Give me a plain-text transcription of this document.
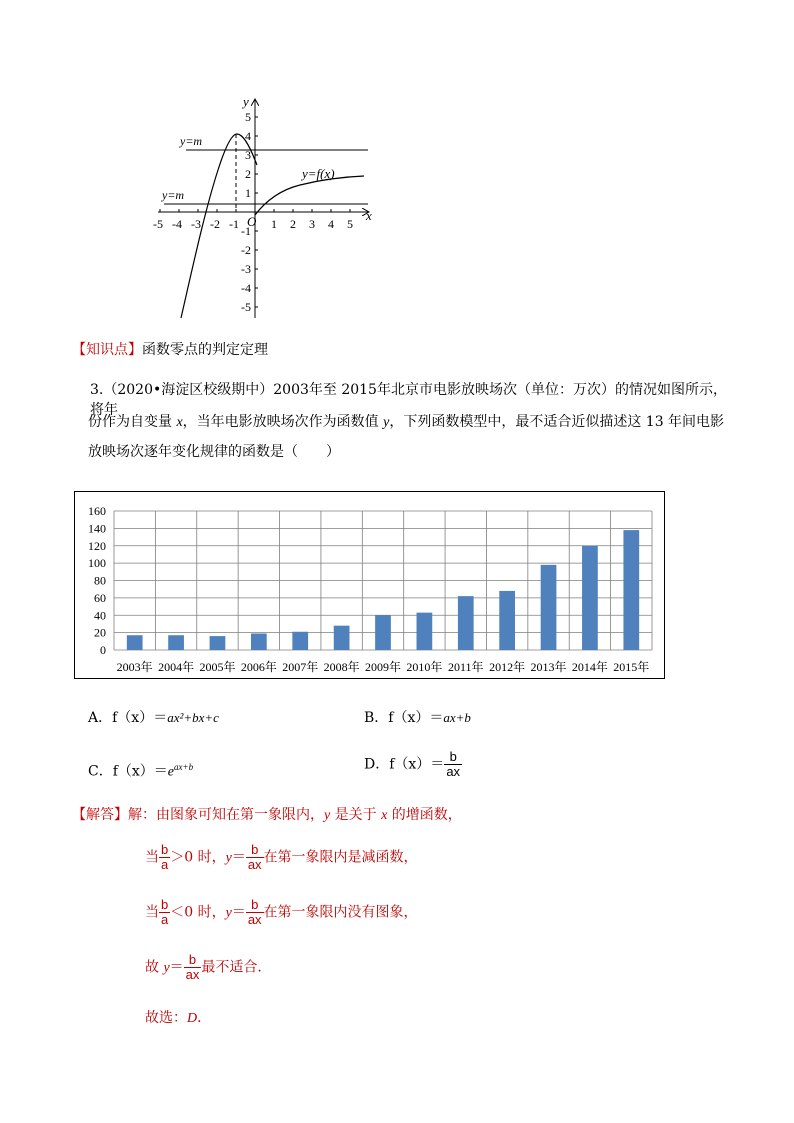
-5 -4 -3 -2 -1	1 2 3 4 5
5
4
3
2
1
-1
-2
-3
-4
-5
y
x
O
y=m
y=m
y=f(x)
【知识点】函数零点的判定定理
3.（2020•海淀区校级期中）2003年至 2015年北京市电影放映场次（单位：万次）的情况如图所示，将年
份作为自变量 x，当年电影放映场次作为函数值 y，下列函数模型中，最不适合近似描述这 13 年间电影
放映场次逐年变化规律的函数是（　　）
0
20
40
60
80
100
120
140
160
2003年 2004年 2005年 2006年 2007年 2008年 2009年 2010年 2011年 2012年 2013年 2014年 2015年
A．f（x）＝ax²+bx+c	B．f（x）＝ax+b
C．$f(x)=e^{ax+b}$	D．$f(x)= \frac{b}{ax}$
【解答】解：由图象可知在第一象限内，y 是关于 x 的增函数，
当 $\frac{b}{a} >0$ 时，$y= \frac{b}{ax}$ 在第一象限内是减函数，
当 $\frac{b}{a} <0$ 时，$y= \frac{b}{ax}$ 在第一象限内没有图象，
故 $y= \frac{b}{ax}$ 最不适合．
故选：D．
